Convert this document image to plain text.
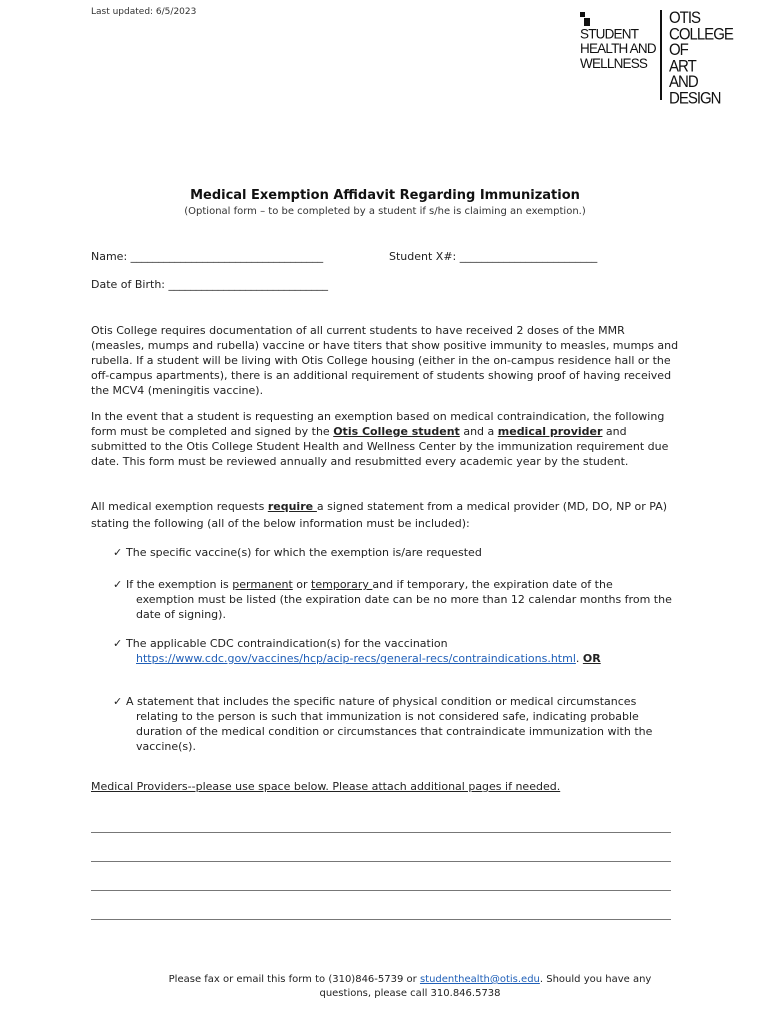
Last updated: 6/5/2023
STUDENT
HEALTH AND
WELLNESS
OTIS
COLLEGE
OF
ART
AND
DESIGN
Medical Exemption Affidavit Regarding Immunization
(Optional form – to be completed by a student if s/he is claiming an exemption.)
Name: ___________________________________	Student X#: _________________________
Date of Birth: _____________________________
Otis College requires documentation of all current students to have received 2 doses of the MMR (measles, mumps and rubella) vaccine or have titers that show positive immunity to measles, mumps and rubella. If a student will be living with Otis College housing (either in the on-campus residence hall or the off-campus apartments), there is an additional requirement of students showing proof of having received the MCV4 (meningitis vaccine).
In the event that a student is requesting an exemption based on medical contraindication, the following form must be completed and signed by the Otis College student and a medical provider and submitted to the Otis College Student Health and Wellness Center by the immunization requirement due date. This form must be reviewed annually and resubmitted every academic year by the student.
All medical exemption requests require a signed statement from a medical provider (MD, DO, NP or PA) stating the following (all of the below information must be included):
✓ The specific vaccine(s) for which the exemption is/are requested
✓ If the exemption is permanent or temporary and if temporary, the expiration date of the
exemption must be listed (the expiration date can be no more than 12 calendar months from the date of signing).
✓ The applicable CDC contraindication(s) for the vaccination
https://www.cdc.gov/vaccines/hcp/acip-recs/general-recs/contraindications.html. OR
✓ A statement that includes the specific nature of physical condition or medical circumstances
relating to the person is such that immunization is not considered safe, indicating probable duration of the medical condition or circumstances that contraindicate immunization with the vaccine(s).
Medical Providers--please use space below. Please attach additional pages if needed.
Please fax or email this form to (310)846-5739 or studenthealth@otis.edu. Should you have any
questions, please call 310.846.5738
